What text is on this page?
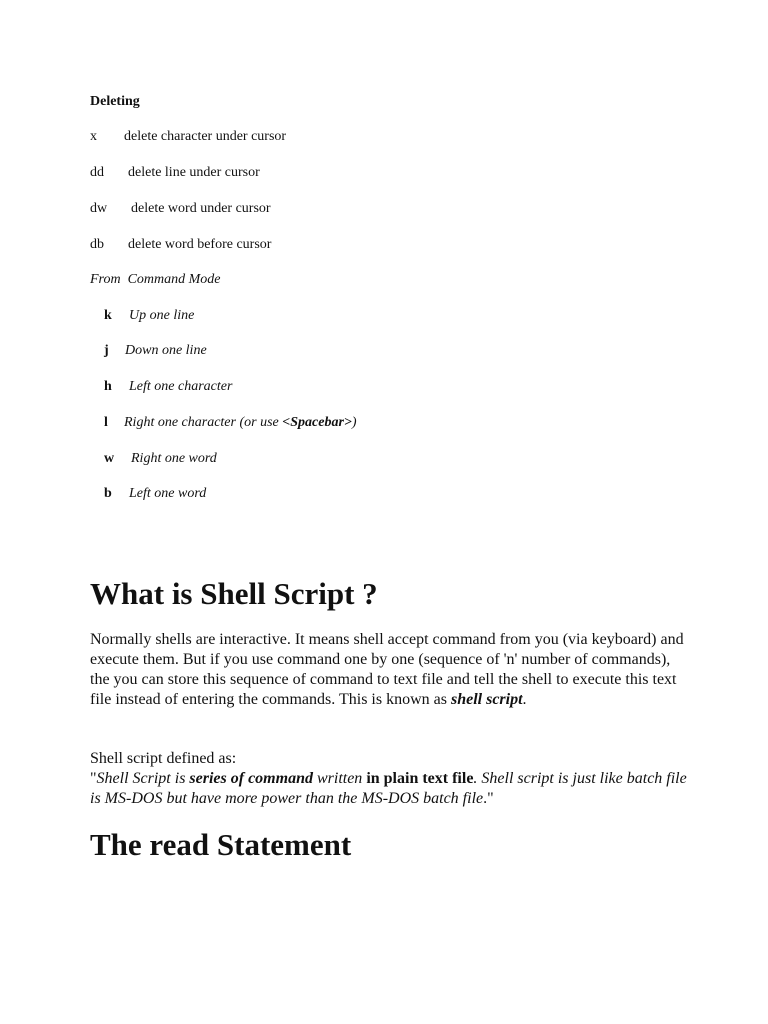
Deleting
x delete character under cursor
dd delete line under cursor
dw delete word under cursor
db delete word before cursor
From  Command Mode
k Up one line
j Down one line
h Left one character
l Right one character (or use <Spacebar>)
w Right one word
b Left one word
What is Shell Script ?
Normally shells are interactive. It means shell accept command from you (via keyboard) and execute them. But if you use command one by one (sequence of 'n' number of commands), the you can store this sequence of command to text file and tell the shell to execute this text file instead of entering the commands. This is known as shell script.
Shell script defined as:
"Shell Script is series of command written in plain text file. Shell script is just like batch file is MS-DOS but have more power than the MS-DOS batch file."
The read Statement
